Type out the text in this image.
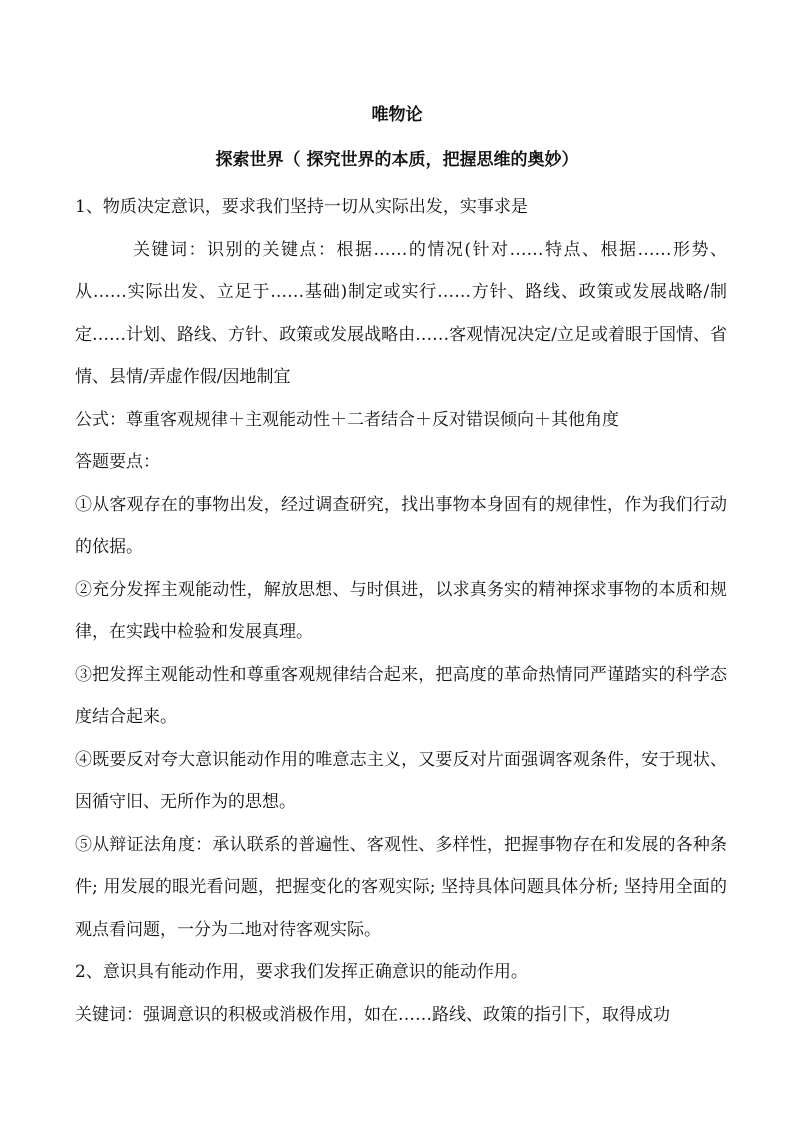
唯物论
探索世界（ 探究世界的本质，把握思维的奥妙）

1、物质决定意识，要求我们坚持一切从实际出发，实事求是

关键词：识别的关键点：根据……的情况(针对……特点、根据……形势、从……实际出发、立足于……基础)制定或实行……方针、路线、政策或发展战略/制定……计划、路线、方针、政策或发展战略由……客观情况决定/立足或着眼于国情、省情、县情/弄虚作假/因地制宜

公式：尊重客观规律＋主观能动性＋二者结合＋反对错误倾向＋其他角度

答题要点：

①从客观存在的事物出发，经过调查研究，找出事物本身固有的规律性，作为我们行动的依据。

②充分发挥主观能动性，解放思想、与时俱进，以求真务实的精神探求事物的本质和规律，在实践中检验和发展真理。

③把发挥主观能动性和尊重客观规律结合起来，把高度的革命热情同严谨踏实的科学态度结合起来。

④既要反对夸大意识能动作用的唯意志主义，又要反对片面强调客观条件，安于现状、因循守旧、无所作为的思想。

⑤从辩证法角度：承认联系的普遍性、客观性、多样性，把握事物存在和发展的各种条件; 用发展的眼光看问题，把握变化的客观实际; 坚持具体问题具体分析; 坚持用全面的观点看问题，一分为二地对待客观实际。

2、意识具有能动作用，要求我们发挥正确意识的能动作用。

关键词：强调意识的积极或消极作用，如在……路线、政策的指引下，取得成功
